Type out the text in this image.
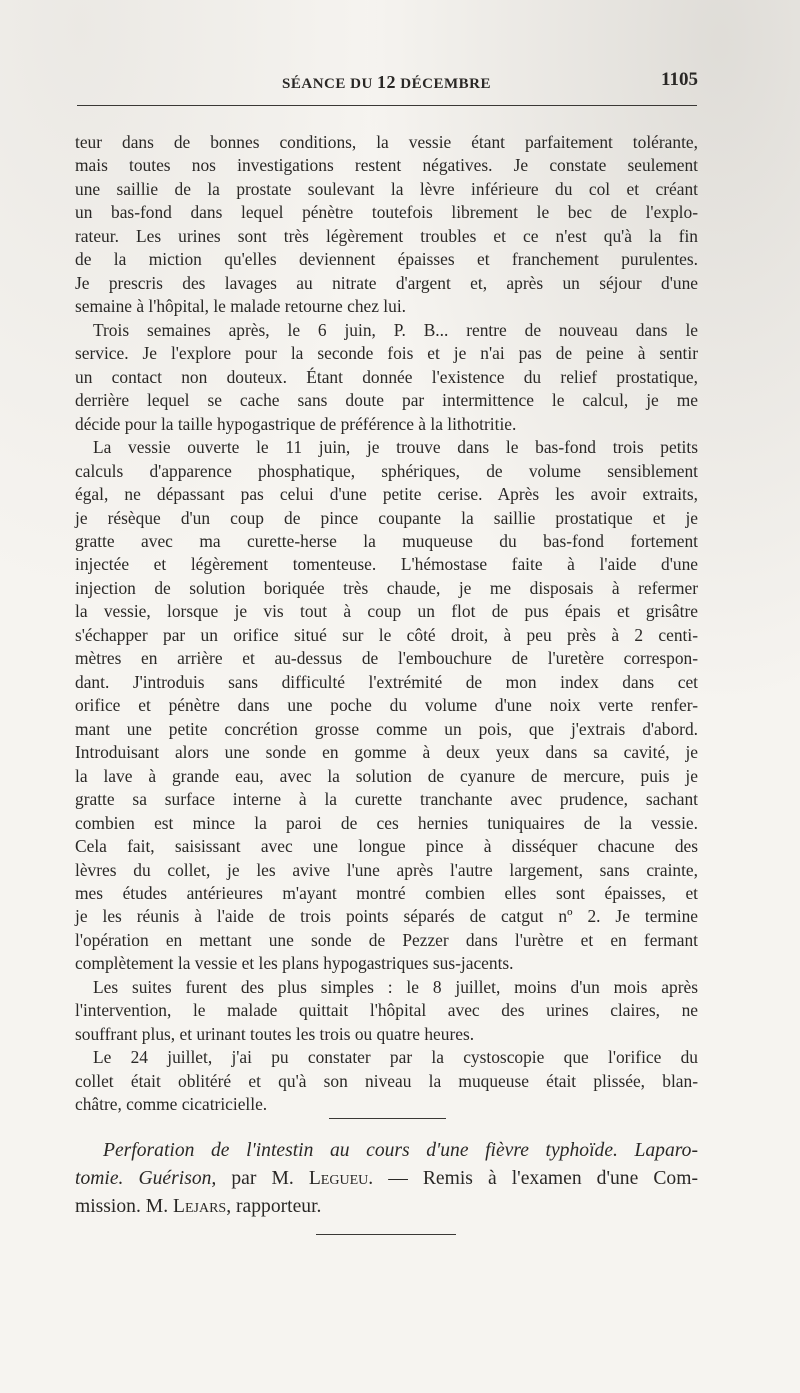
SÉANCE DU 12 DÉCEMBRE	1105
teur dans de bonnes conditions, la vessie étant parfaitement tolérante,
mais toutes nos investigations restent négatives. Je constate seulement
une saillie de la prostate soulevant la lèvre inférieure du col et créant
un bas-fond dans lequel pénètre toutefois librement le bec de l'explo-
rateur. Les urines sont très légèrement troubles et ce n'est qu'à la fin
de la miction qu'elles deviennent épaisses et franchement purulentes.
Je prescris des lavages au nitrate d'argent et, après un séjour d'une
semaine à l'hôpital, le malade retourne chez lui.
Trois semaines après, le 6 juin, P. B... rentre de nouveau dans le
service. Je l'explore pour la seconde fois et je n'ai pas de peine à sentir
un contact non douteux. Étant donnée l'existence du relief prostatique,
derrière lequel se cache sans doute par intermittence le calcul, je me
décide pour la taille hypogastrique de préférence à la lithotritie.
La vessie ouverte le 11 juin, je trouve dans le bas-fond trois petits
calculs d'apparence phosphatique, sphériques, de volume sensiblement
égal, ne dépassant pas celui d'une petite cerise. Après les avoir extraits,
je résèque d'un coup de pince coupante la saillie prostatique et je
gratte avec ma curette-herse la muqueuse du bas-fond fortement
injectée et légèrement tomenteuse. L'hémostase faite à l'aide d'une
injection de solution boriquée très chaude, je me disposais à refermer
la vessie, lorsque je vis tout à coup un flot de pus épais et grisâtre
s'échapper par un orifice situé sur le côté droit, à peu près à 2 centi-
mètres en arrière et au-dessus de l'embouchure de l'uretère correspon-
dant. J'introduis sans difficulté l'extrémité de mon index dans cet
orifice et pénètre dans une poche du volume d'une noix verte renfer-
mant une petite concrétion grosse comme un pois, que j'extrais d'abord.
Introduisant alors une sonde en gomme à deux yeux dans sa cavité, je
la lave à grande eau, avec la solution de cyanure de mercure, puis je
gratte sa surface interne à la curette tranchante avec prudence, sachant
combien est mince la paroi de ces hernies tuniquaires de la vessie.
Cela fait, saisissant avec une longue pince à disséquer chacune des
lèvres du collet, je les avive l'une après l'autre largement, sans crainte,
mes études antérieures m'ayant montré combien elles sont épaisses, et
je les réunis à l'aide de trois points séparés de catgut nº 2. Je termine
l'opération en mettant une sonde de Pezzer dans l'urètre et en fermant
complètement la vessie et les plans hypogastriques sus-jacents.
Les suites furent des plus simples : le 8 juillet, moins d'un mois après
l'intervention, le malade quittait l'hôpital avec des urines claires, ne
souffrant plus, et urinant toutes les trois ou quatre heures.
Le 24 juillet, j'ai pu constater par la cystoscopie que l'orifice du
collet était oblitéré et qu'à son niveau la muqueuse était plissée, blan-
châtre, comme cicatricielle.
Perforation de l'intestin au cours d'une fièvre typhoïde. Laparo-
tomie. Guérison, par M. Leguеu. — Remis à l'examen d'une Com-
mission. M. Lejars, rapporteur.
